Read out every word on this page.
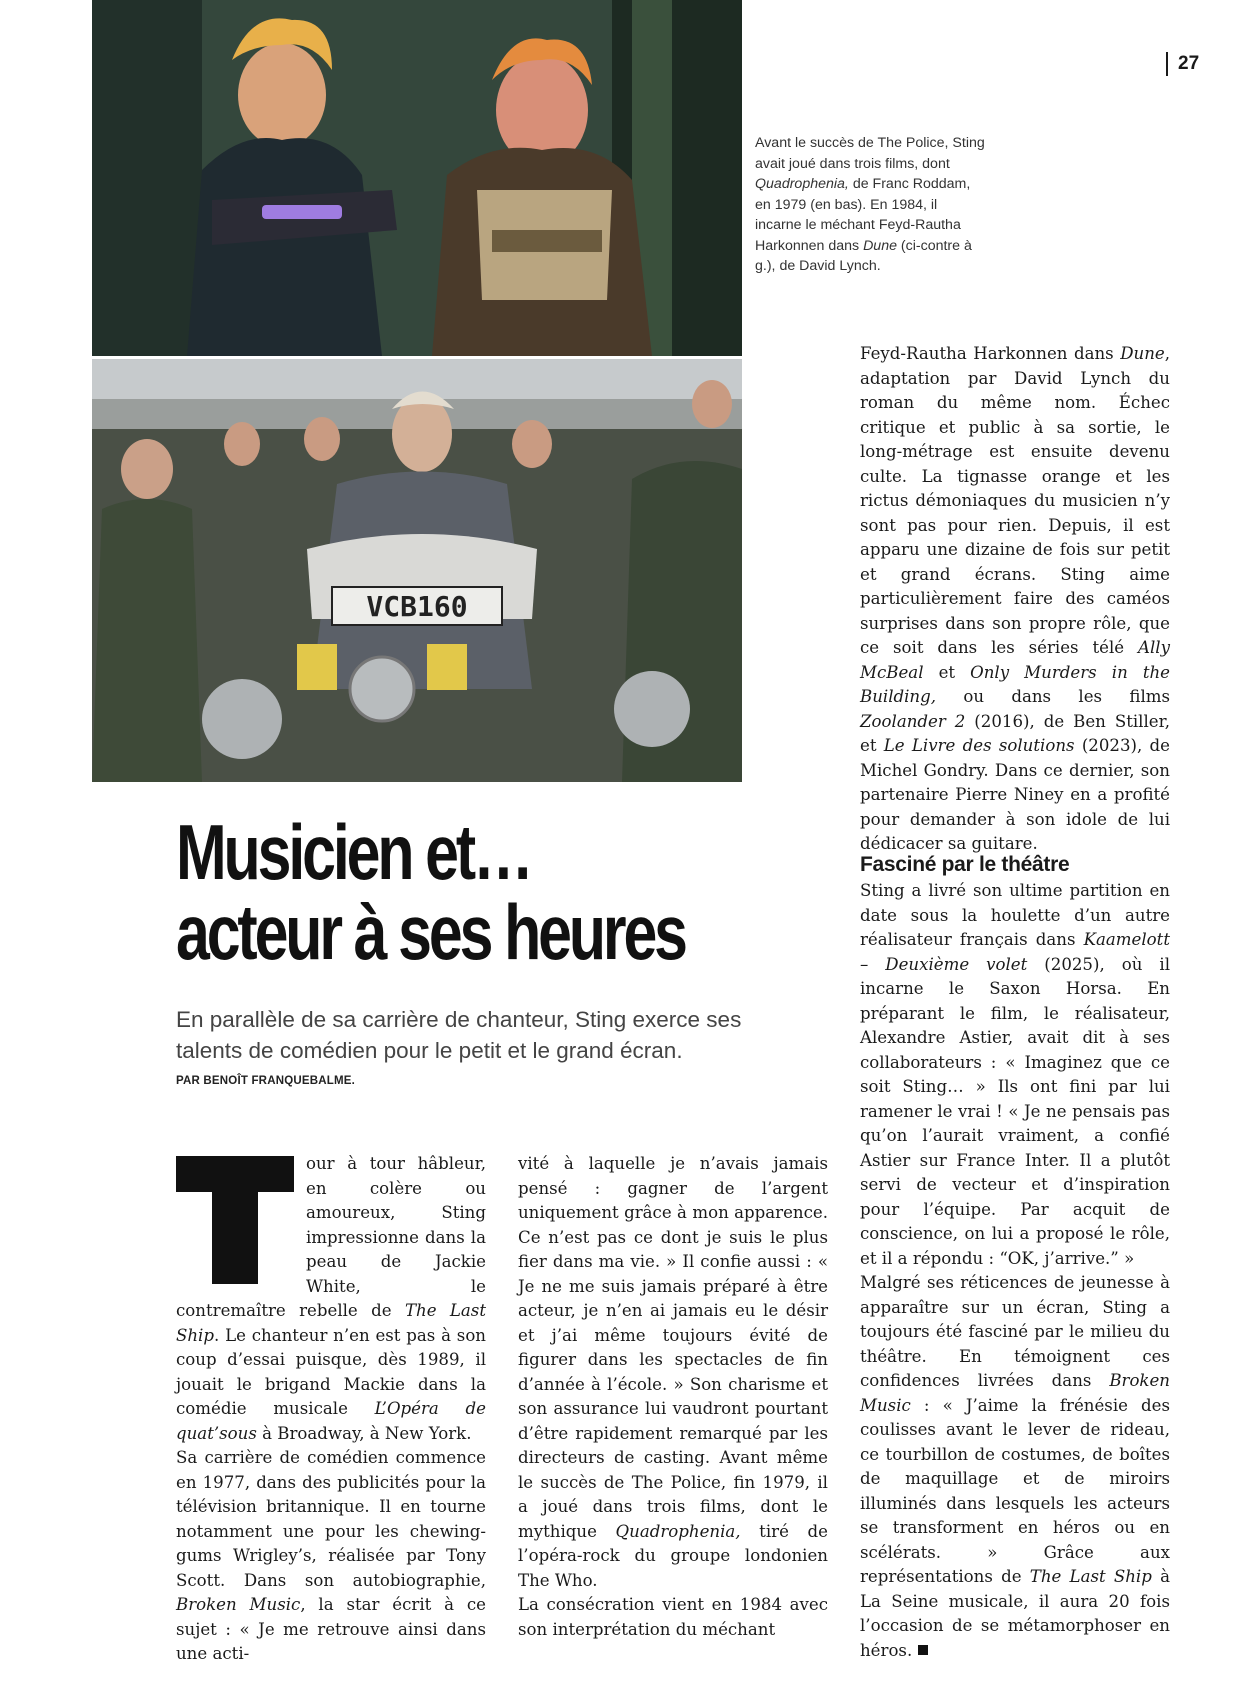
27
VCB160
Avant le succès de The Police, Sting avait joué dans trois films, dont Quadrophenia, de Franc Roddam, en 1979 (en bas). En 1984, il incarne le méchant Feyd-Rautha Harkonnen dans Dune (ci-contre à g.), de David Lynch.
Musicien et…
acteur à ses heures
En parallèle de sa carrière de chanteur, Sting exerce ses talents de comédien pour le petit et le grand écran.
PAR BENOÎT FRANQUEBALME.

our à tour hâbleur, en colère ou amoureux, Sting impressionne dans la peau de Jackie White, le contremaître rebelle de The Last Ship. Le chanteur n’en est pas à son coup d’essai puisque, dès 1989, il jouait le brigand Mackie dans la comédie musicale L’Opéra de quat’sous à Broadway, à New York.

Sa carrière de comédien commence en 1977, dans des publicités pour la télévision britannique. Il en tourne notamment une pour les chewing-gums Wrigley’s, réalisée par Tony Scott. Dans son autobiographie, Broken Music, la star écrit à ce sujet : « Je me retrouve ainsi dans une acti-

vité à laquelle je n’avais jamais pensé : gagner de l’argent uniquement grâce à mon apparence. Ce n’est pas ce dont je suis le plus fier dans ma vie. » Il confie aussi : « Je ne me suis jamais préparé à être acteur, je n’en ai jamais eu le désir et j’ai même toujours évité de figurer dans les spectacles de fin d’année à l’école. » Son charisme et son assurance lui vaudront pourtant d’être rapidement remarqué par les directeurs de casting. Avant même le succès de The Police, fin 1979, il a joué dans trois films, dont le mythique Quadrophenia, tiré de l’opéra-rock du groupe londonien The Who.

La consécration vient en 1984 avec son interprétation du méchant

Feyd-Rautha Harkonnen dans Dune, adaptation par David Lynch du roman du même nom. Échec critique et public à sa sortie, le long-métrage est ensuite devenu culte. La tignasse orange et les rictus démoniaques du musicien n’y sont pas pour rien. Depuis, il est apparu une dizaine de fois sur petit et grand écrans. Sting aime particulièrement faire des caméos surprises dans son propre rôle, que ce soit dans les séries télé Ally McBeal et Only Murders in the Building, ou dans les films Zoolander 2 (2016), de Ben Stiller, et Le Livre des solutions (2023), de Michel Gondry. Dans ce dernier, son partenaire Pierre Niney en a profité pour demander à son idole de lui dédicacer sa guitare.

Fasciné par le théâtre

Sting a livré son ultime partition en date sous la houlette d’un autre réalisateur français dans Kaamelott – Deuxième volet (2025), où il incarne le Saxon Horsa. En préparant le film, le réalisateur, Alexandre Astier, avait dit à ses collaborateurs : « Imaginez que ce soit Sting… » Ils ont fini par lui ramener le vrai ! « Je ne pensais pas qu’on l’aurait vraiment, a confié Astier sur France Inter. Il a plutôt servi de vecteur et d’inspiration pour l’équipe. Par acquit de conscience, on lui a proposé le rôle, et il a répondu : “OK, j’arrive.” »

Malgré ses réticences de jeunesse à apparaître sur un écran, Sting a toujours été fasciné par le milieu du théâtre. En témoignent ces confidences livrées dans Broken Music : « J’aime la frénésie des coulisses avant le lever de rideau, ce tourbillon de costumes, de boîtes de maquillage et de miroirs illuminés dans lesquels les acteurs se transforment en héros ou en scélérats. » Grâce aux représentations de The Last Ship à La Seine musicale, il aura 20 fois l’occasion de se métamorphoser en héros.
